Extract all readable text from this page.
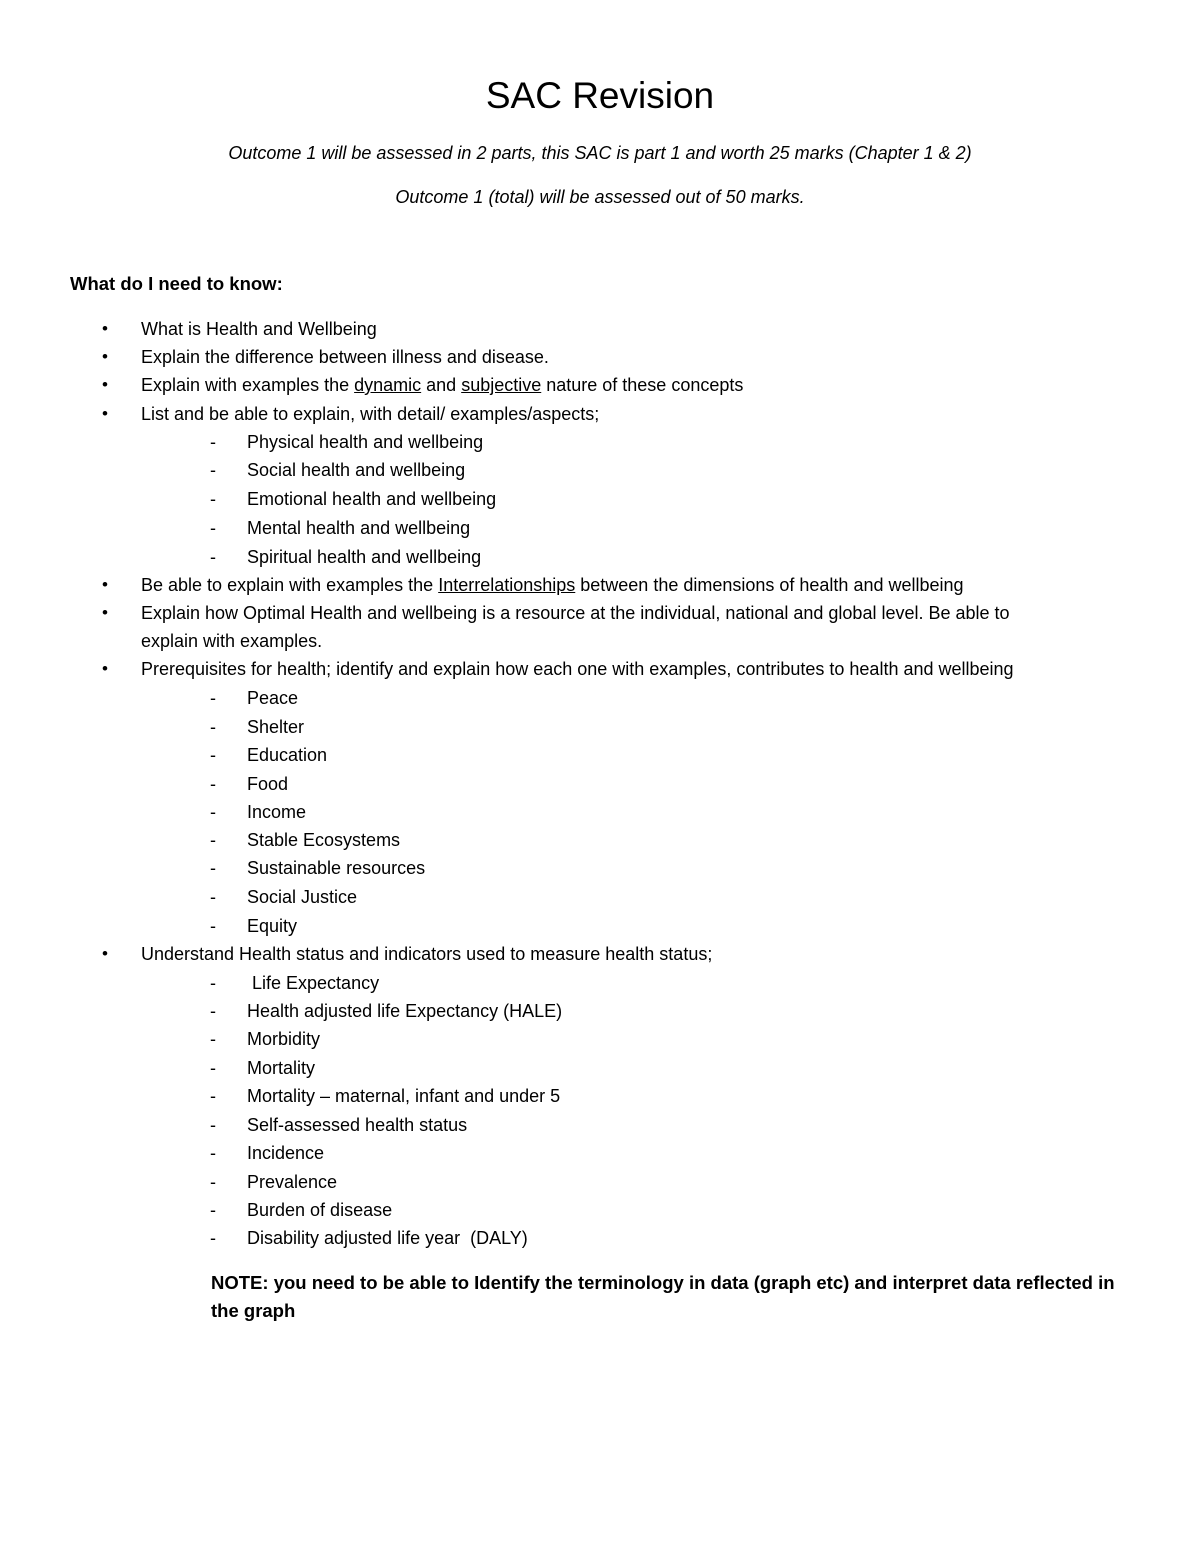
SAC Revision
Outcome 1 will be assessed in 2 parts, this SAC is part 1 and worth 25 marks (Chapter 1 & 2)
Outcome 1 (total) will be assessed out of 50 marks.
What do I need to know:
• What is Health and Wellbeing
• Explain the difference between illness and disease.
• Explain with examples the dynamic and subjective nature of these concepts
• List and be able to explain, with detail/ examples/aspects;
- Physical health and wellbeing
- Social health and wellbeing
- Emotional health and wellbeing
- Mental health and wellbeing
- Spiritual health and wellbeing
• Be able to explain with examples the Interrelationships between the dimensions of health and wellbeing
• Explain how Optimal Health and wellbeing is a resource at the individual, national and global level. Be able to
explain with examples.
• Prerequisites for health; identify and explain how each one with examples, contributes to health and wellbeing
- Peace
- Shelter
- Education
- Food
- Income
- Stable Ecosystems
- Sustainable resources
- Social Justice
- Equity
• Understand Health status and indicators used to measure health status;
- Life Expectancy
- Health adjusted life Expectancy (HALE)
- Morbidity
- Mortality
- Mortality – maternal, infant and under 5
- Self-assessed health status
- Incidence
- Prevalence
- Burden of disease
- Disability adjusted life year  (DALY)
NOTE: you need to be able to Identify the terminology in data (graph etc) and interpret data reflected in the graph
